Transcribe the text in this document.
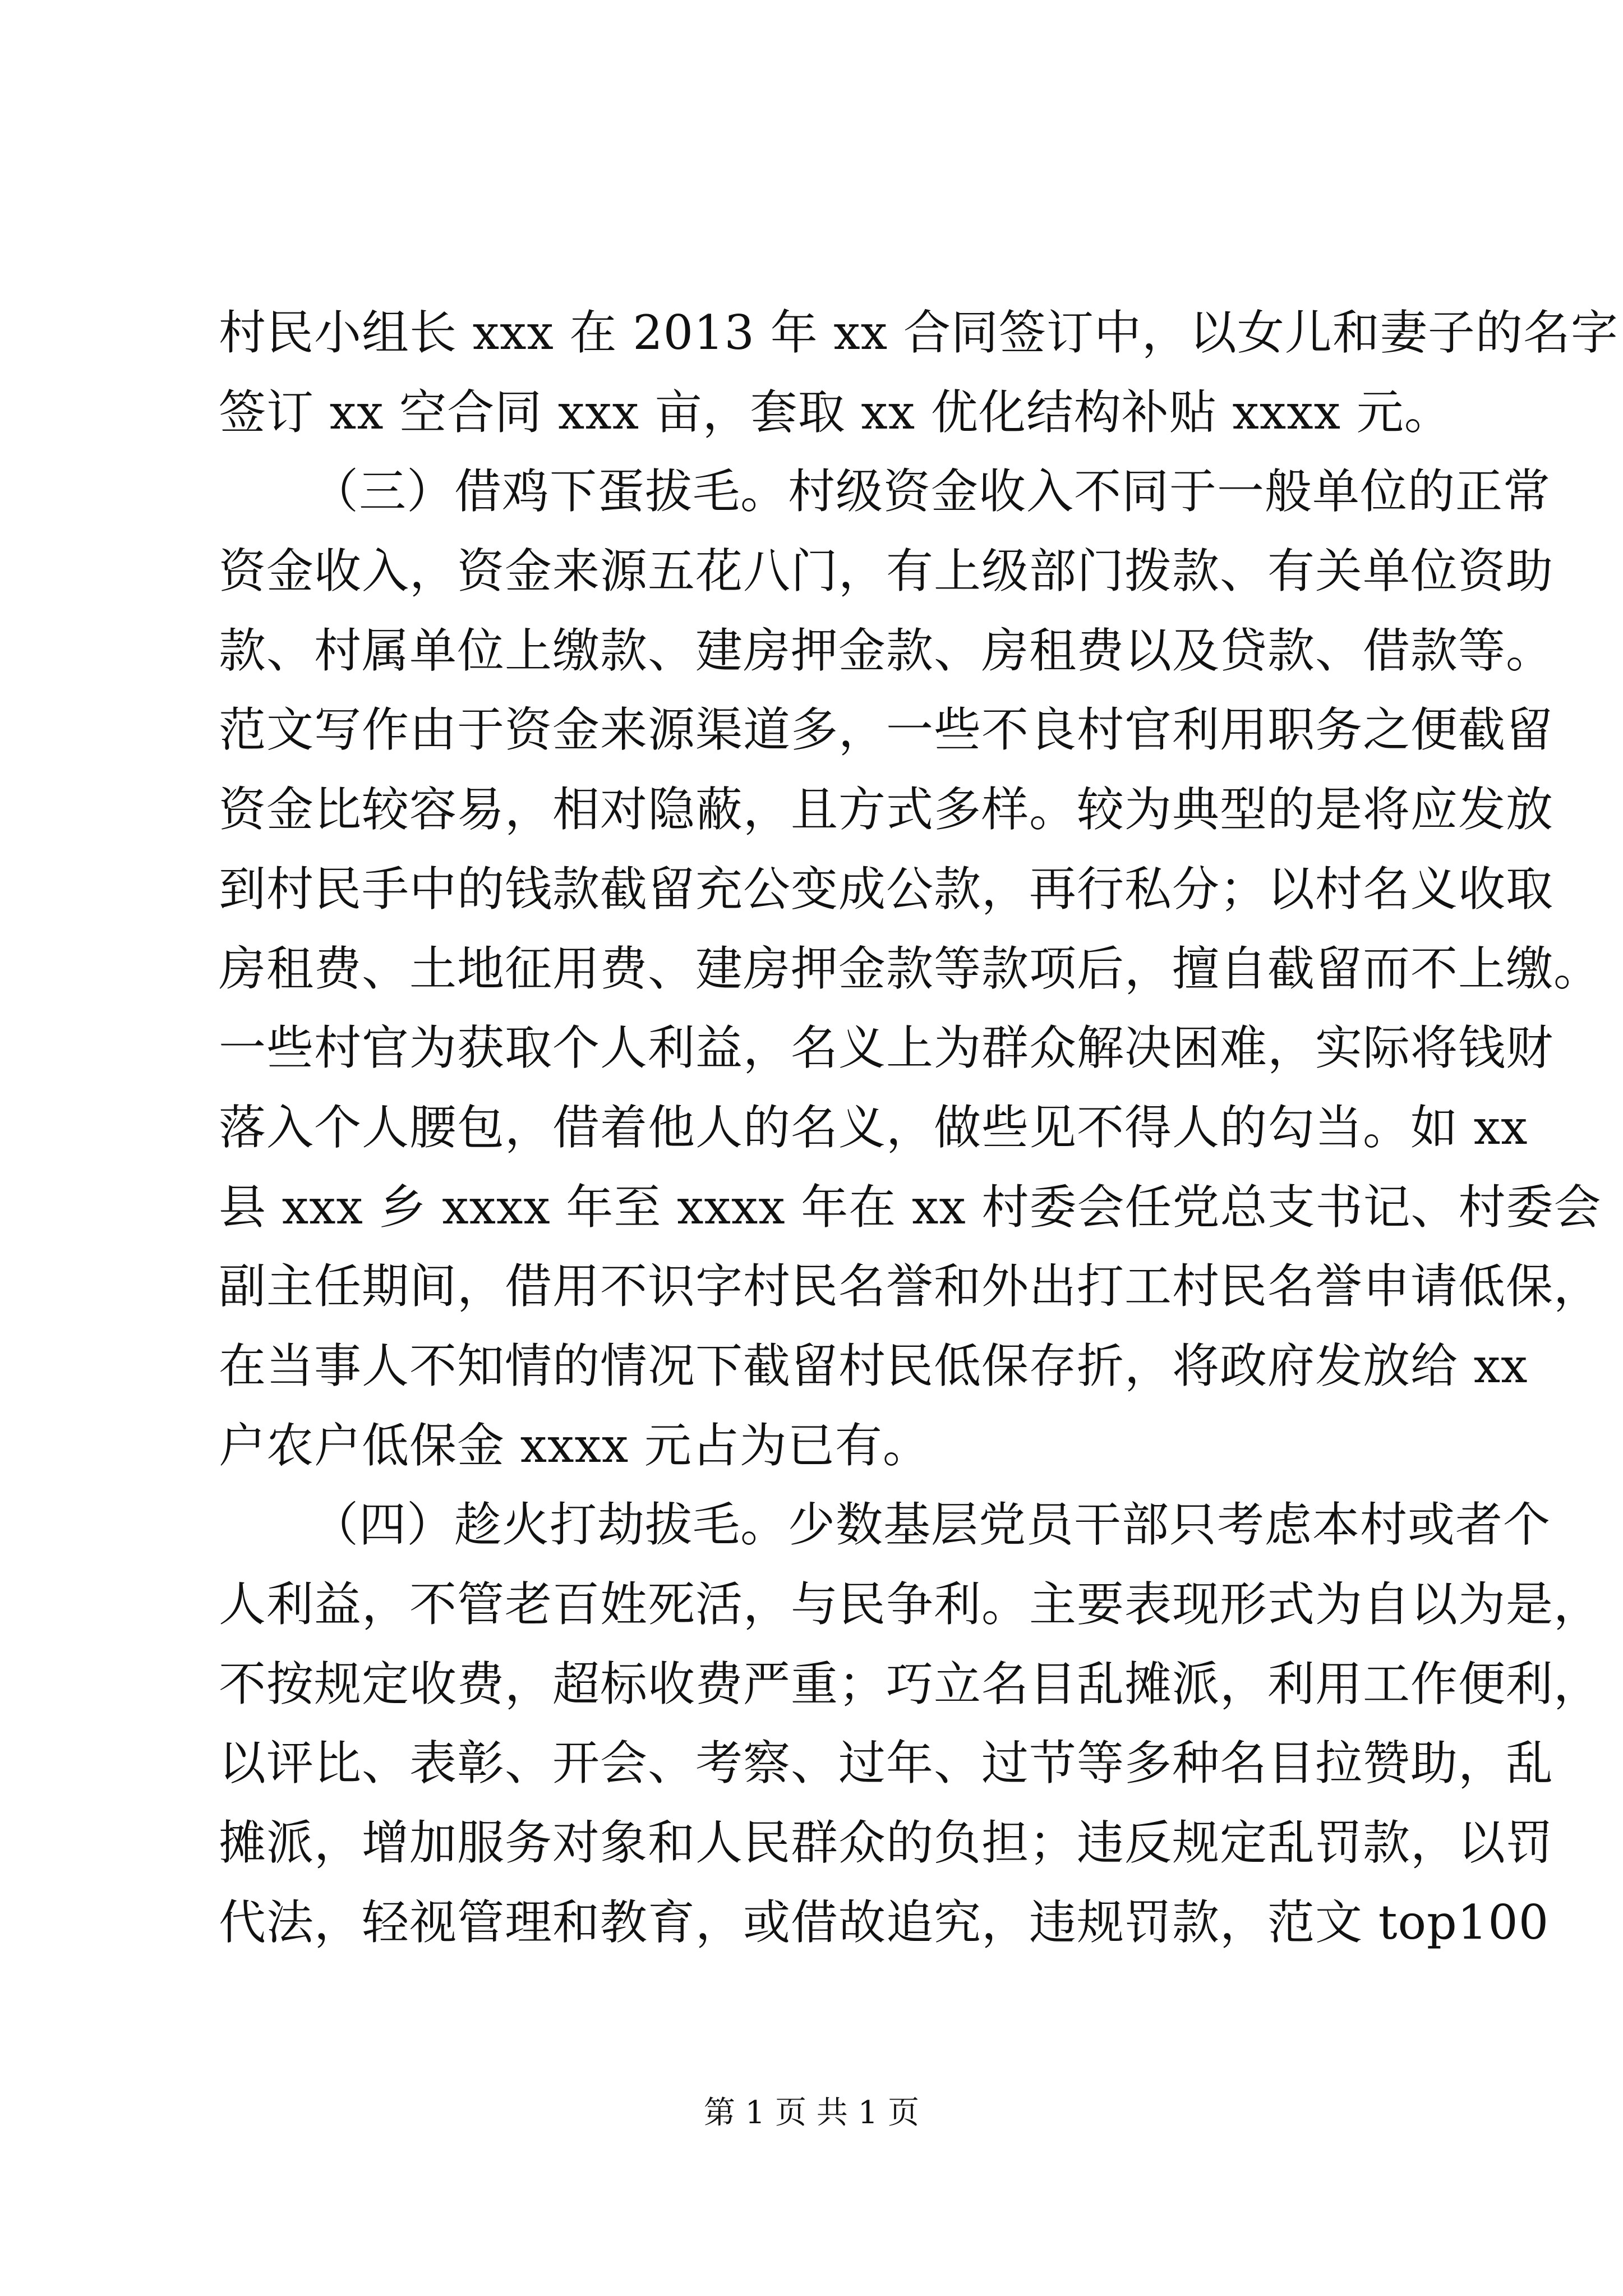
村民小组长 xxx 在 2013 年 xx 合同签订中，以女儿和妻子的名字
签订 xx 空合同 xxx 亩，套取 xx 优化结构补贴 xxxx 元。
（三）借鸡下蛋拔毛。村级资金收入不同于一般单位的正常
资金收入，资金来源五花八门，有上级部门拨款、有关单位资助
款、村属单位上缴款、建房押金款、房租费以及贷款、借款等。
范文写作由于资金来源渠道多，一些不良村官利用职务之便截留
资金比较容易，相对隐蔽，且方式多样。较为典型的是将应发放
到村民手中的钱款截留充公变成公款，再行私分；以村名义收取
房租费、土地征用费、建房押金款等款项后，擅自截留而不上缴。
一些村官为获取个人利益，名义上为群众解决困难，实际将钱财
落入个人腰包，借着他人的名义，做些见不得人的勾当。如 xx
县 xxx 乡 xxxx 年至 xxxx 年在 xx 村委会任党总支书记、村委会
副主任期间，借用不识字村民名誉和外出打工村民名誉申请低保，
在当事人不知情的情况下截留村民低保存折，将政府发放给 xx
户农户低保金 xxxx 元占为已有。
（四）趁火打劫拔毛。少数基层党员干部只考虑本村或者个
人利益，不管老百姓死活，与民争利。主要表现形式为自以为是，
不按规定收费，超标收费严重；巧立名目乱摊派，利用工作便利，
以评比、表彰、开会、考察、过年、过节等多种名目拉赞助，乱
摊派，增加服务对象和人民群众的负担；违反规定乱罚款，以罚
代法，轻视管理和教育，或借故追究，违规罚款，范文 top100
第 1 页 共 1 页
